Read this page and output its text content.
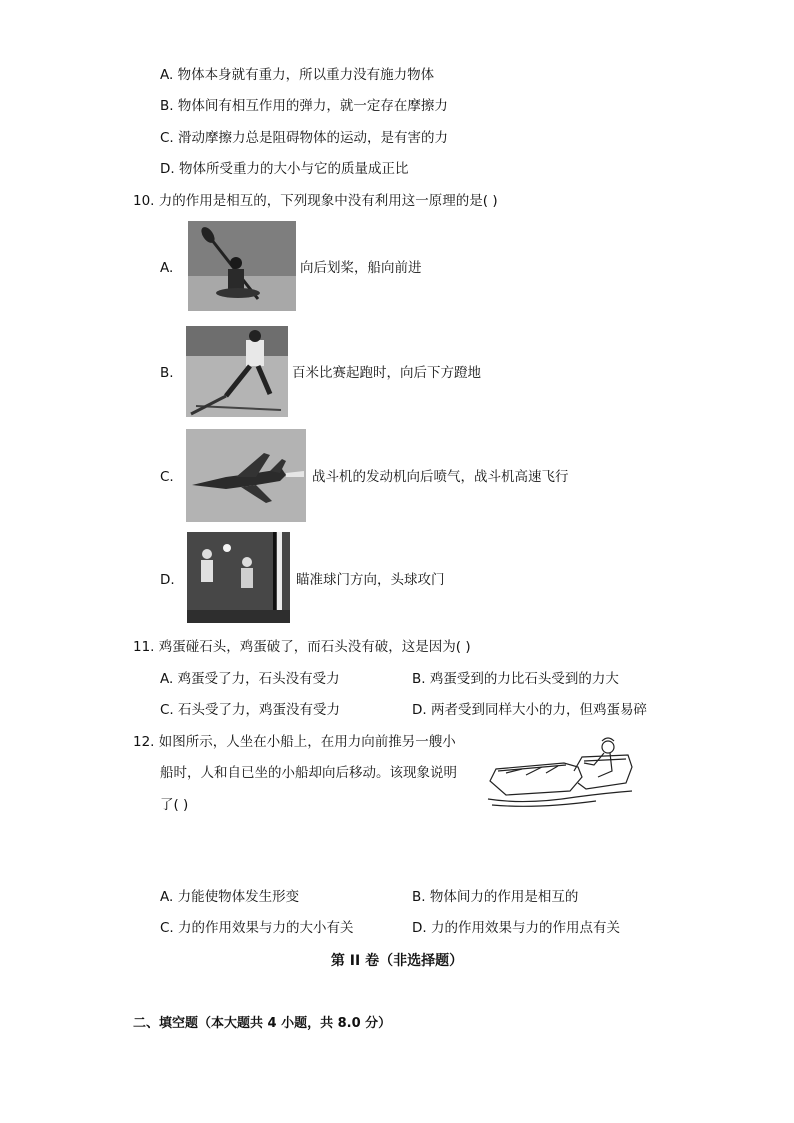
A. 物体本身就有重力，所以重力没有施力物体
B. 物体间有相互作用的弹力，就一定存在摩擦力
C. 滑动摩擦力总是阻碍物体的运动，是有害的力
D. 物体所受重力的大小与它的质量成正比
10. 力的作用是相互的，下列现象中没有利用这一原理的是( )
A.	向后划桨，船向前进
B.	百米比赛起跑时，向后下方蹬地
C.	战斗机的发动机向后喷气，战斗机高速飞行
D.	瞄准球门方向，头球攻门
11. 鸡蛋碰石头，鸡蛋破了，而石头没有破，这是因为( )
A. 鸡蛋受了力，石头没有受力	B. 鸡蛋受到的力比石头受到的力大
C. 石头受了力，鸡蛋没有受力	D. 两者受到同样大小的力，但鸡蛋易碎
12. 如图所示，人坐在小船上，在用力向前推另一艘小
船时，人和自已坐的小船却向后移动。该现象说明
了( )
A. 力能使物体发生形变	B. 物体间力的作用是相互的
C. 力的作用效果与力的大小有关	D. 力的作用效果与力的作用点有关
第 II 卷（非选择题）
二、填空题（本大题共 4 小题，共 8.0 分）
